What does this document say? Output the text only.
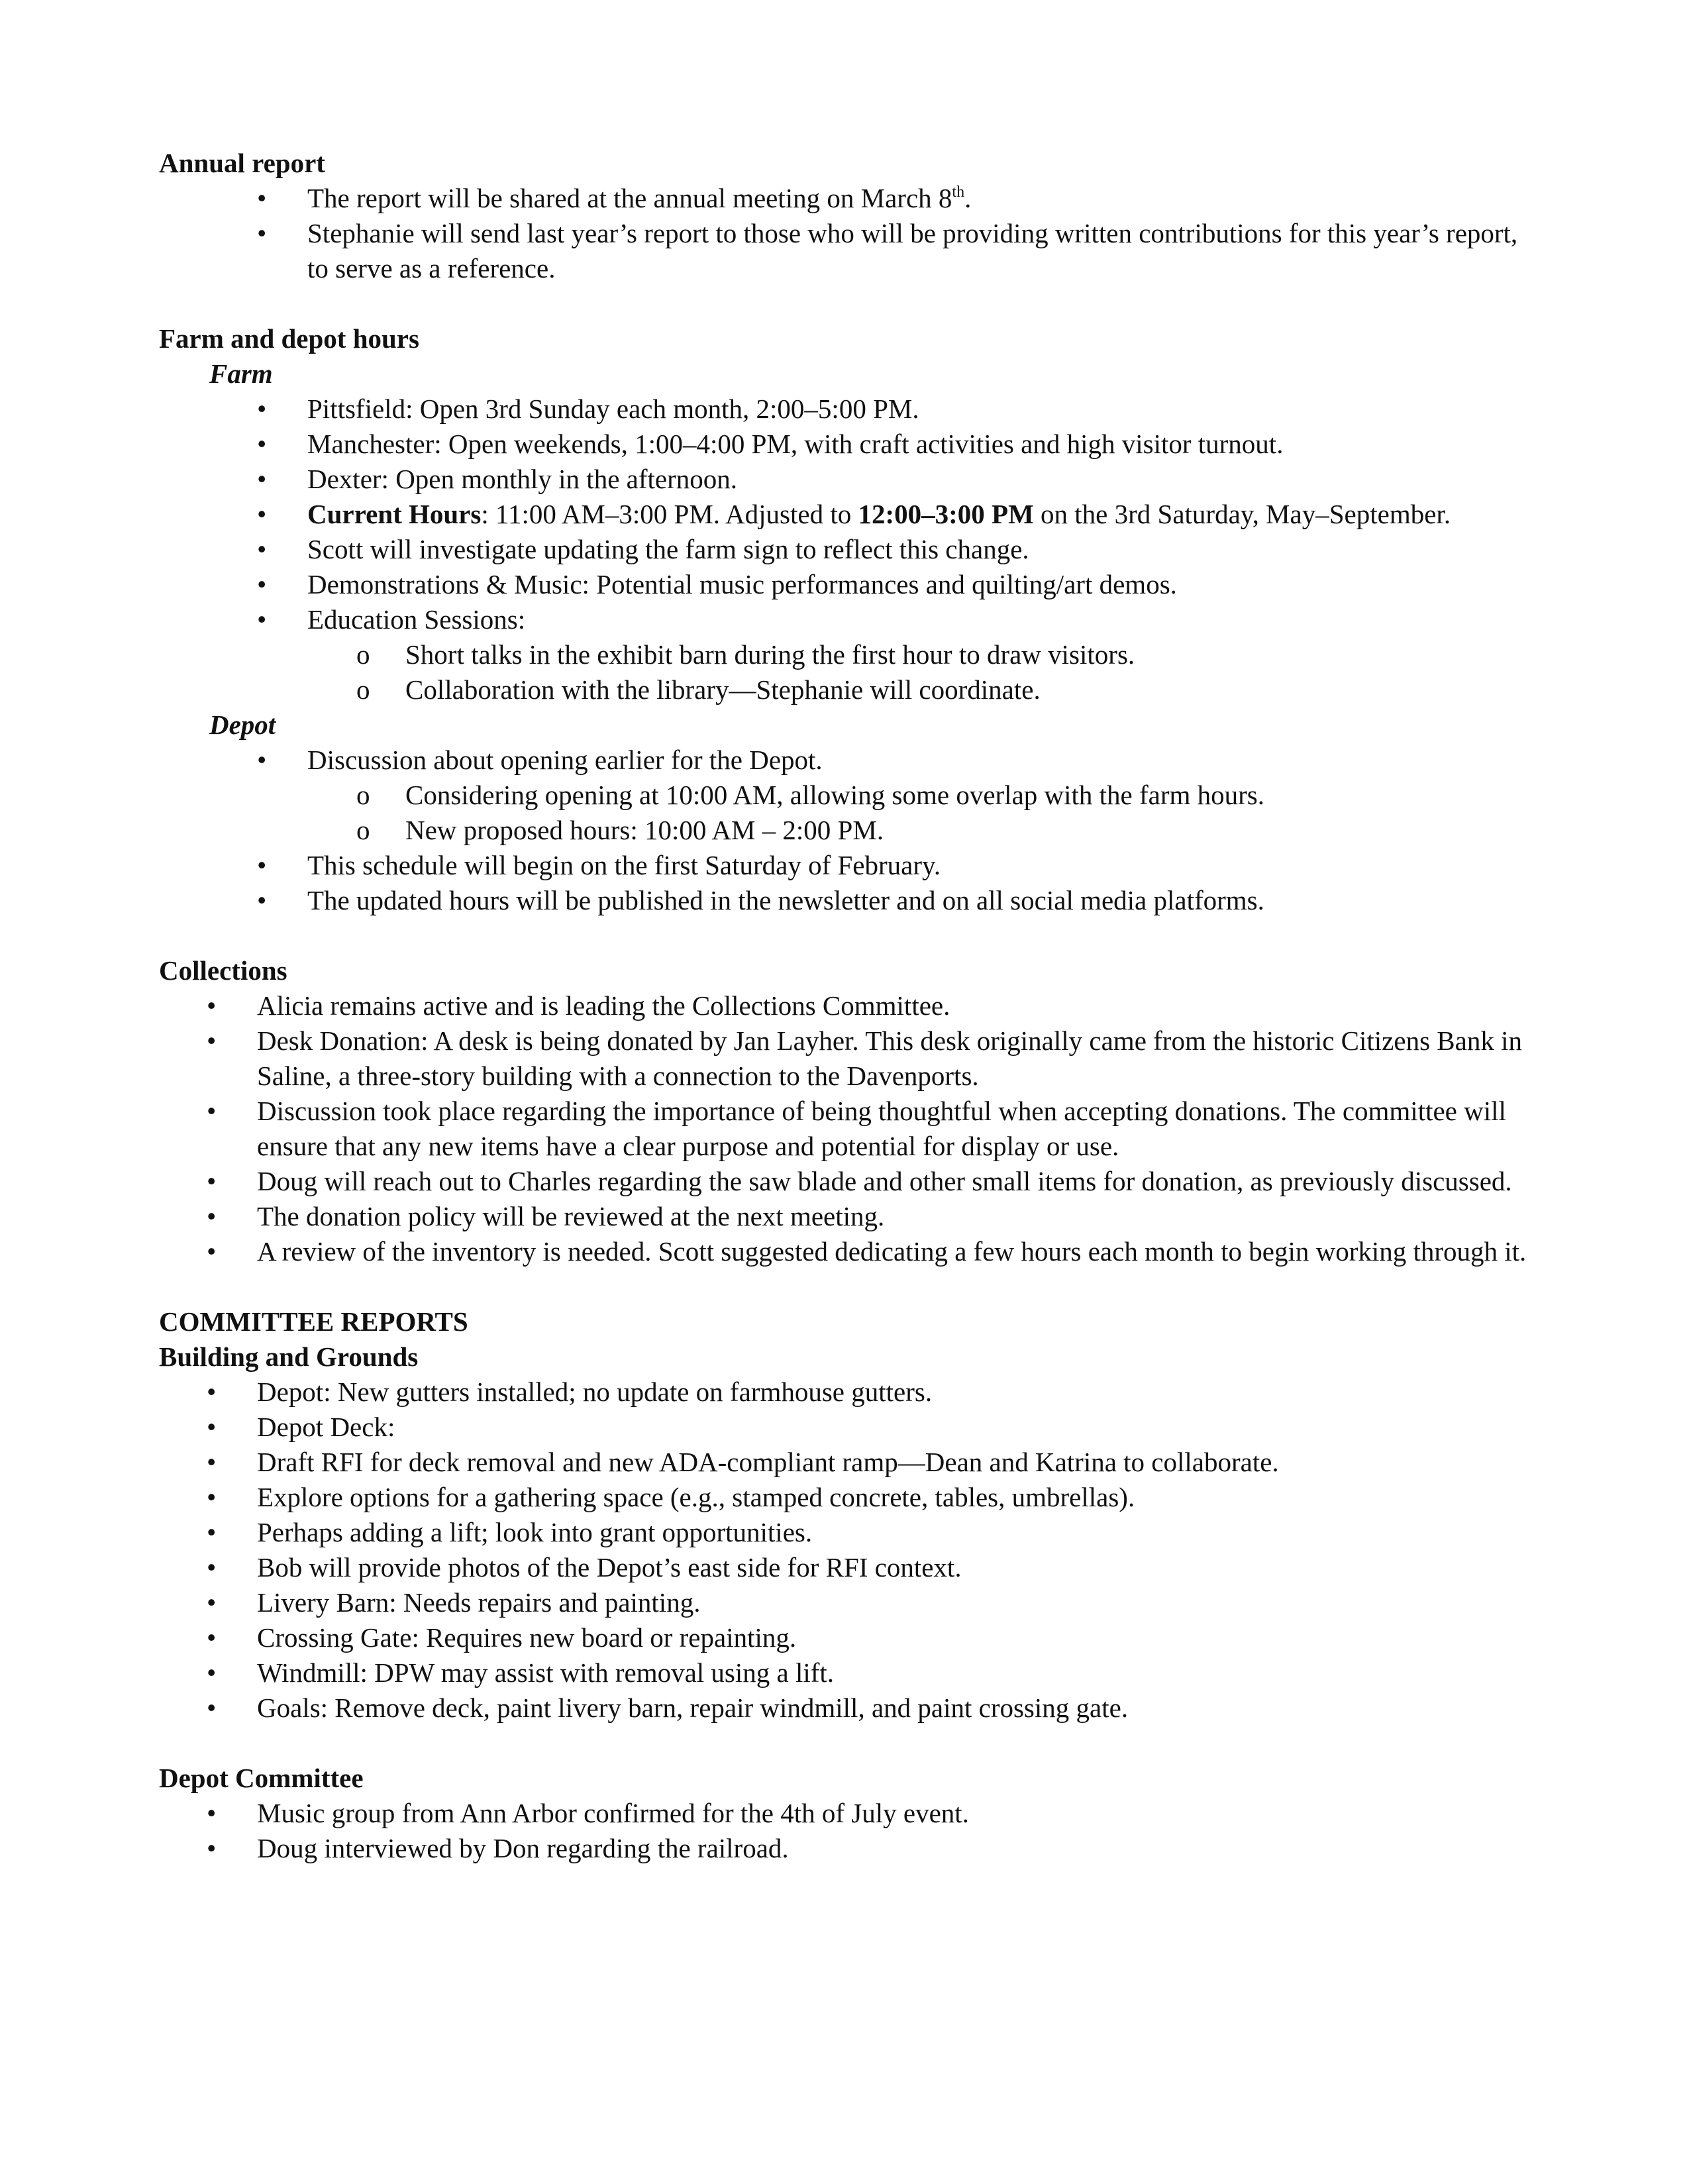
Annual report
• The report will be shared at the annual meeting on March 8th.
• Stephanie will send last year’s report to those who will be providing written contributions for this year’s report, to serve as a reference.
Farm and depot hours
Farm
• Pittsfield: Open 3rd Sunday each month, 2:00–5:00 PM.
• Manchester: Open weekends, 1:00–4:00 PM, with craft activities and high visitor turnout.
• Dexter: Open monthly in the afternoon.
• Current Hours: 11:00 AM–3:00 PM. Adjusted to 12:00–3:00 PM on the 3rd Saturday, May–September.
• Scott will investigate updating the farm sign to reflect this change.
• Demonstrations & Music: Potential music performances and quilting/art demos.
• Education Sessions:
o Short talks in the exhibit barn during the first hour to draw visitors.
o Collaboration with the library—Stephanie will coordinate.
Depot
• Discussion about opening earlier for the Depot.
o Considering opening at 10:00 AM, allowing some overlap with the farm hours.
o New proposed hours: 10:00 AM – 2:00 PM.
• This schedule will begin on the first Saturday of February.
• The updated hours will be published in the newsletter and on all social media platforms.
Collections
• Alicia remains active and is leading the Collections Committee.
• Desk Donation: A desk is being donated by Jan Layher. This desk originally came from the historic Citizens Bank in Saline, a three-story building with a connection to the Davenports.
• Discussion took place regarding the importance of being thoughtful when accepting donations. The committee will ensure that any new items have a clear purpose and potential for display or use.
• Doug will reach out to Charles regarding the saw blade and other small items for donation, as previously discussed.
• The donation policy will be reviewed at the next meeting.
• A review of the inventory is needed. Scott suggested dedicating a few hours each month to begin working through it.
COMMITTEE REPORTS
Building and Grounds
• Depot: New gutters installed; no update on farmhouse gutters.
• Depot Deck:
• Draft RFI for deck removal and new ADA-compliant ramp—Dean and Katrina to collaborate.
• Explore options for a gathering space (e.g., stamped concrete, tables, umbrellas).
• Perhaps adding a lift; look into grant opportunities.
• Bob will provide photos of the Depot’s east side for RFI context.
• Livery Barn: Needs repairs and painting.
• Crossing Gate: Requires new board or repainting.
• Windmill: DPW may assist with removal using a lift.
• Goals: Remove deck, paint livery barn, repair windmill, and paint crossing gate.
Depot Committee
• Music group from Ann Arbor confirmed for the 4th of July event.
• Doug interviewed by Don regarding the railroad.
